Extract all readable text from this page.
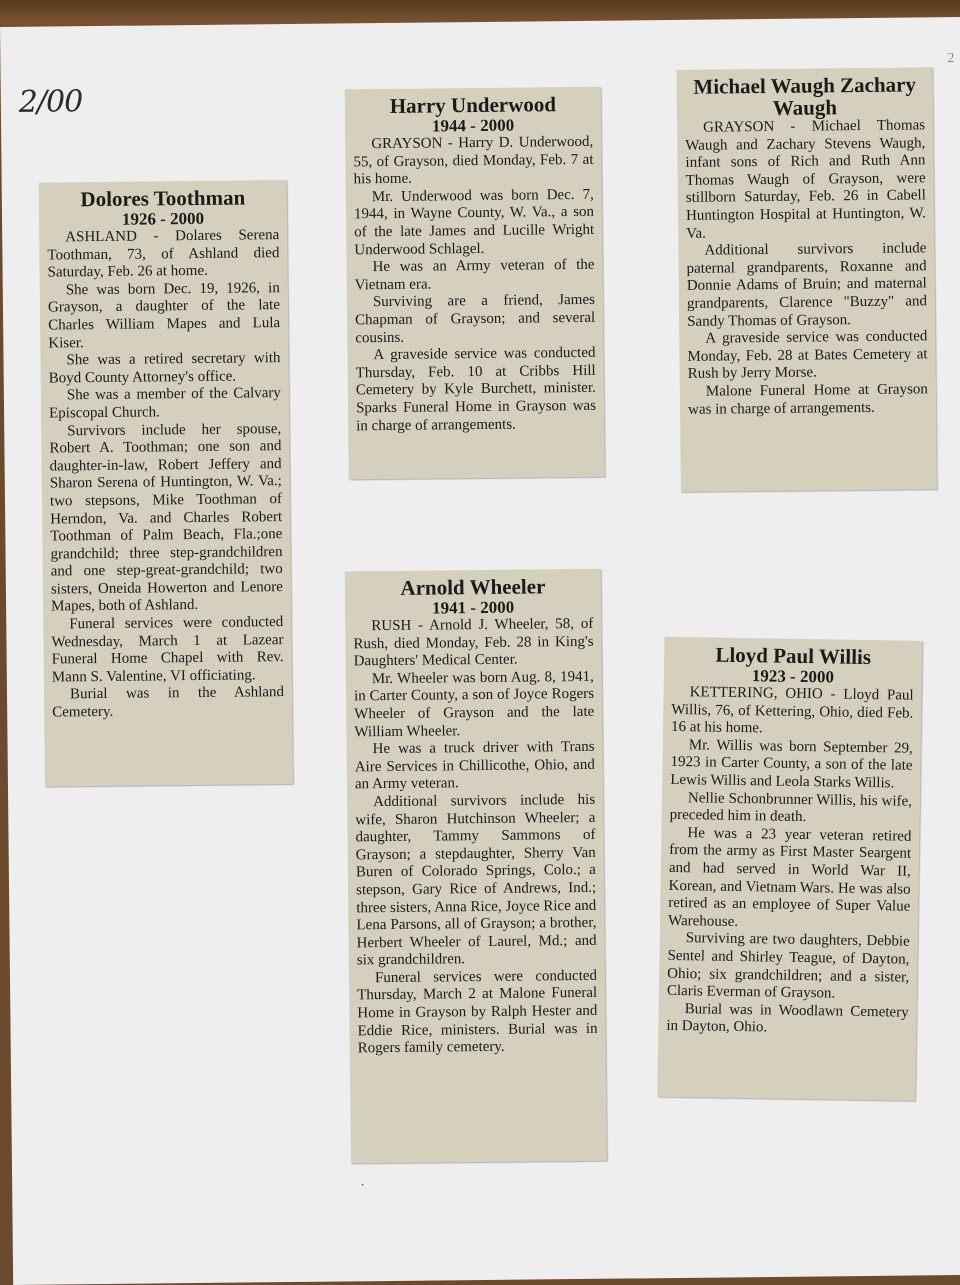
2/00
2
·
Dolores Toothman
1926 - 2000

ASHLAND - Dolares Serena Toothman, 73, of Ashland died Saturday, Feb. 26 at home.

She was born Dec. 19, 1926, in Grayson, a daughter of the late Charles William Mapes and Lula Kiser.

She was a retired secretary with Boyd County Attorney's office.

She was a member of the Calvary Episcopal Church.

Survivors include her spouse, Robert A. Toothman; one son and daughter-in-law, Robert Jeffery and Sharon Serena of Huntington, W. Va.; two stepsons, Mike Toothman of Herndon, Va. and Charles Robert Toothman of Palm Beach, Fla.;one grandchild; three step-grandchildren and one step-great-grandchild; two sisters, Oneida Howerton and Lenore Mapes, both of Ashland.

Funeral services were conducted Wednesday, March 1 at Lazear Funeral Home Chapel with Rev. Mann S. Valentine, VI officiating.

Burial was in the Ashland Cemetery.

Harry Underwood
1944 - 2000

GRAYSON - Harry D. Underwood, 55, of Grayson, died Monday, Feb. 7 at his home.

Mr. Underwood was born Dec. 7, 1944, in Wayne County, W. Va., a son of the late James and Lucille Wright Underwood Schlagel.

He was an Army veteran of the Vietnam era.

Surviving are a friend, James Chapman of Grayson; and several cousins.

A graveside service was conducted Thursday, Feb. 10 at Cribbs Hill Cemetery by Kyle Burchett, minister. Sparks Funeral Home in Grayson was in charge of arrangements.

Michael Waugh Zachary Waugh

GRAYSON - Michael Thomas Waugh and Zachary Stevens Waugh, infant sons of Rich and Ruth Ann Thomas Waugh of Grayson, were stillborn Saturday, Feb. 26 in Cabell Huntington Hospital at Huntington, W. Va.

Additional survivors include paternal grandparents, Roxanne and Donnie Adams of Bruin; and maternal grandparents, Clarence "Buzzy" and Sandy Thomas of Grayson.

A graveside service was conducted Monday, Feb. 28 at Bates Cemetery at Rush by Jerry Morse.

Malone Funeral Home at Grayson was in charge of arrangements.

Arnold Wheeler
1941 - 2000

RUSH - Arnold J. Wheeler, 58, of Rush, died Monday, Feb. 28 in King's Daughters' Medical Center.

Mr. Wheeler was born Aug. 8, 1941, in Carter County, a son of Joyce Rogers Wheeler of Grayson and the late William Wheeler.

He was a truck driver with Trans Aire Services in Chillicothe, Ohio, and an Army veteran.

Additional survivors include his wife, Sharon Hutchinson Wheeler; a daughter, Tammy Sammons of Grayson; a stepdaughter, Sherry Van Buren of Colorado Springs, Colo.; a stepson, Gary Rice of Andrews, Ind.; three sisters, Anna Rice, Joyce Rice and Lena Parsons, all of Grayson; a brother, Herbert Wheeler of Laurel, Md.; and six grandchildren.

Funeral services were conducted Thursday, March 2 at Malone Funeral Home in Grayson by Ralph Hester and Eddie Rice, ministers. Burial was in Rogers family cemetery.

Lloyd Paul Willis
1923 - 2000

KETTERING, OHIO - Lloyd Paul Willis, 76, of Kettering, Ohio, died Feb. 16 at his home.

Mr. Willis was born September 29, 1923 in Carter County, a son of the late Lewis Willis and Leola Starks Willis.

Nellie Schonbrunner Willis, his wife, preceded him in death.

He was a 23 year veteran retired from the army as First Master Seargent and had served in World War II, Korean, and Vietnam Wars. He was also retired as an employee of Super Value Warehouse.

Surviving are two daughters, Debbie Sentel and Shirley Teague, of Dayton, Ohio; six grandchildren; and a sister, Claris Everman of Grayson.

Burial was in Woodlawn Cemetery in Dayton, Ohio.
